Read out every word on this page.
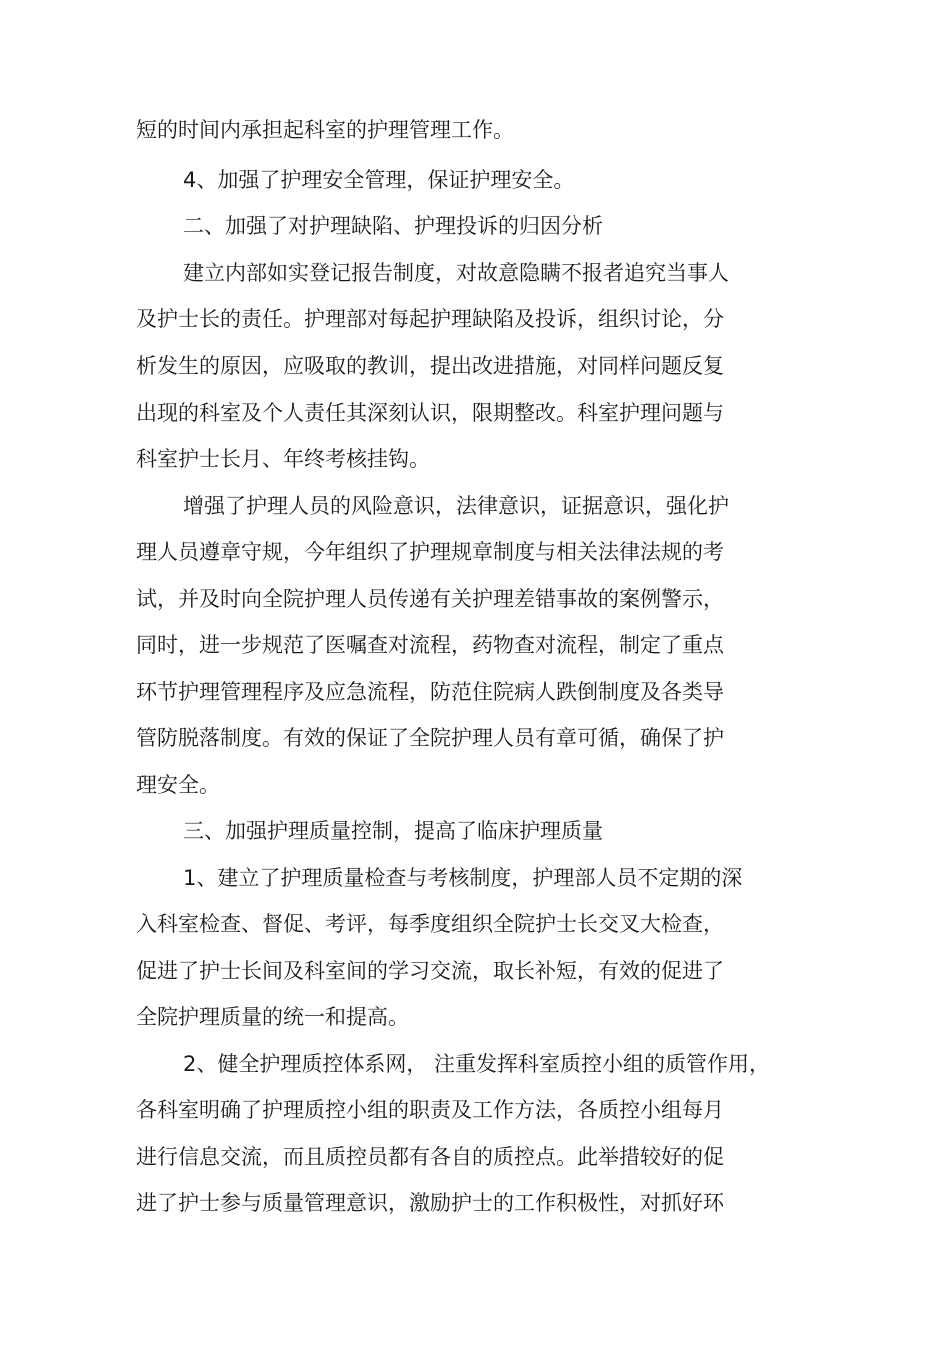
短的时间内承担起科室的护理管理工作。
4、加强了护理安全管理，保证护理安全。
二、加强了对护理缺陷、护理投诉的归因分析
建立内部如实登记报告制度，对故意隐瞒不报者追究当事人
及护士长的责任。护理部对每起护理缺陷及投诉，组织讨论，分
析发生的原因，应吸取的教训，提出改进措施，对同样问题反复
出现的科室及个人责任其深刻认识，限期整改。科室护理问题与
科室护士长月、年终考核挂钩。
增强了护理人员的风险意识，法律意识，证据意识，强化护
理人员遵章守规，今年组织了护理规章制度与相关法律法规的考
试，并及时向全院护理人员传递有关护理差错事故的案例警示，
同时，进一步规范了医嘱查对流程，药物查对流程，制定了重点
环节护理管理程序及应急流程，防范住院病人跌倒制度及各类导
管防脱落制度。有效的保证了全院护理人员有章可循，确保了护
理安全。
三、加强护理质量控制，提高了临床护理质量
1、建立了护理质量检查与考核制度，护理部人员不定期的深
入科室检查、督促、考评，每季度组织全院护士长交叉大检查，
促进了护士长间及科室间的学习交流，取长补短，有效的促进了
全院护理质量的统一和提高。
2、健全护理质控体系网， 注重发挥科室质控小组的质管作用，
各科室明确了护理质控小组的职责及工作方法，各质控小组每月
进行信息交流，而且质控员都有各自的质控点。此举措较好的促
进了护士参与质量管理意识，激励护士的工作积极性，对抓好环
